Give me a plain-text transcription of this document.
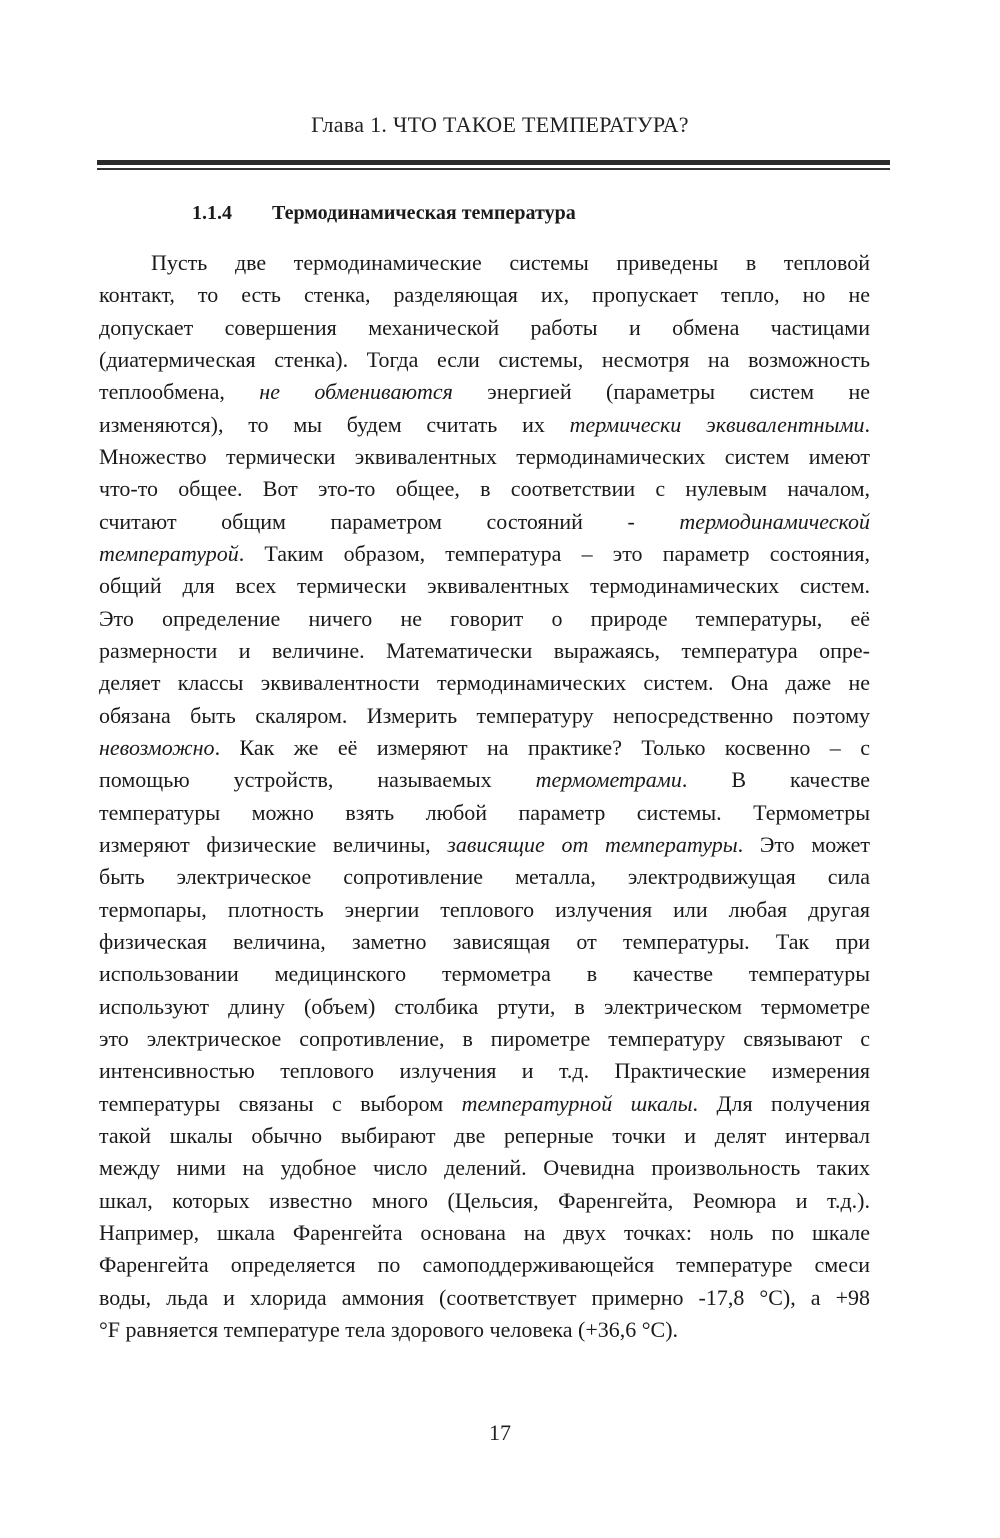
Глава 1. ЧТО ТАКОЕ ТЕМПЕРАТУРА?
1.1.4 Термодинамическая температура
Пусть две термодинамические системы приведены в тепловой
контакт, то есть стенка, разделяющая их, пропускает тепло, но не
допускает совершения механической работы и обмена частицами
(диатермическая стенка). Тогда если системы, несмотря на возможность
теплообмена, не обмениваются энергией (параметры систем не
изменяются), то мы будем считать их термически эквивалентными.
Множество термически эквивалентных термодинамических систем имеют
что-то общее. Вот это-то общее, в соответствии с нулевым началом,
считают общим параметром состояний - термодинамической
температурой. Таким образом, температура – это параметр состояния,
общий для всех термически эквивалентных термодинамических систем.
Это определение ничего не говорит о природе температуры, её
размерности и величине. Математически выражаясь, температура опре-
деляет классы эквивалентности термодинамических систем. Она даже не
обязана быть скаляром. Измерить температуру непосредственно поэтому
невозможно. Как же её измеряют на практике? Только косвенно – с
помощью устройств, называемых термометрами. В качестве
температуры можно взять любой параметр системы. Термометры
измеряют физические величины, зависящие от температуры. Это может
быть электрическое сопротивление металла, электродвижущая сила
термопары, плотность энергии теплового излучения или любая другая
физическая величина, заметно зависящая от температуры. Так при
использовании медицинского термометра в качестве температуры
используют длину (объем) столбика ртути, в электрическом термометре
это электрическое сопротивление, в пирометре температуру связывают с
интенсивностью теплового излучения и т.д. Практические измерения
температуры связаны с выбором температурной шкалы. Для получения
такой шкалы обычно выбирают две реперные точки и делят интервал
между ними на удобное число делений. Очевидна произвольность таких
шкал, которых известно много (Цельсия, Фаренгейта, Реомюра и т.д.).
Например, шкала Фаренгейта основана на двух точках: ноль по шкале
Фаренгейта определяется по самоподдерживающейся температуре смеси
воды, льда и хлорида аммония (соответствует примерно -17,8 °C), а +98
°F равняется температуре тела здорового человека (+36,6 °C).
17
